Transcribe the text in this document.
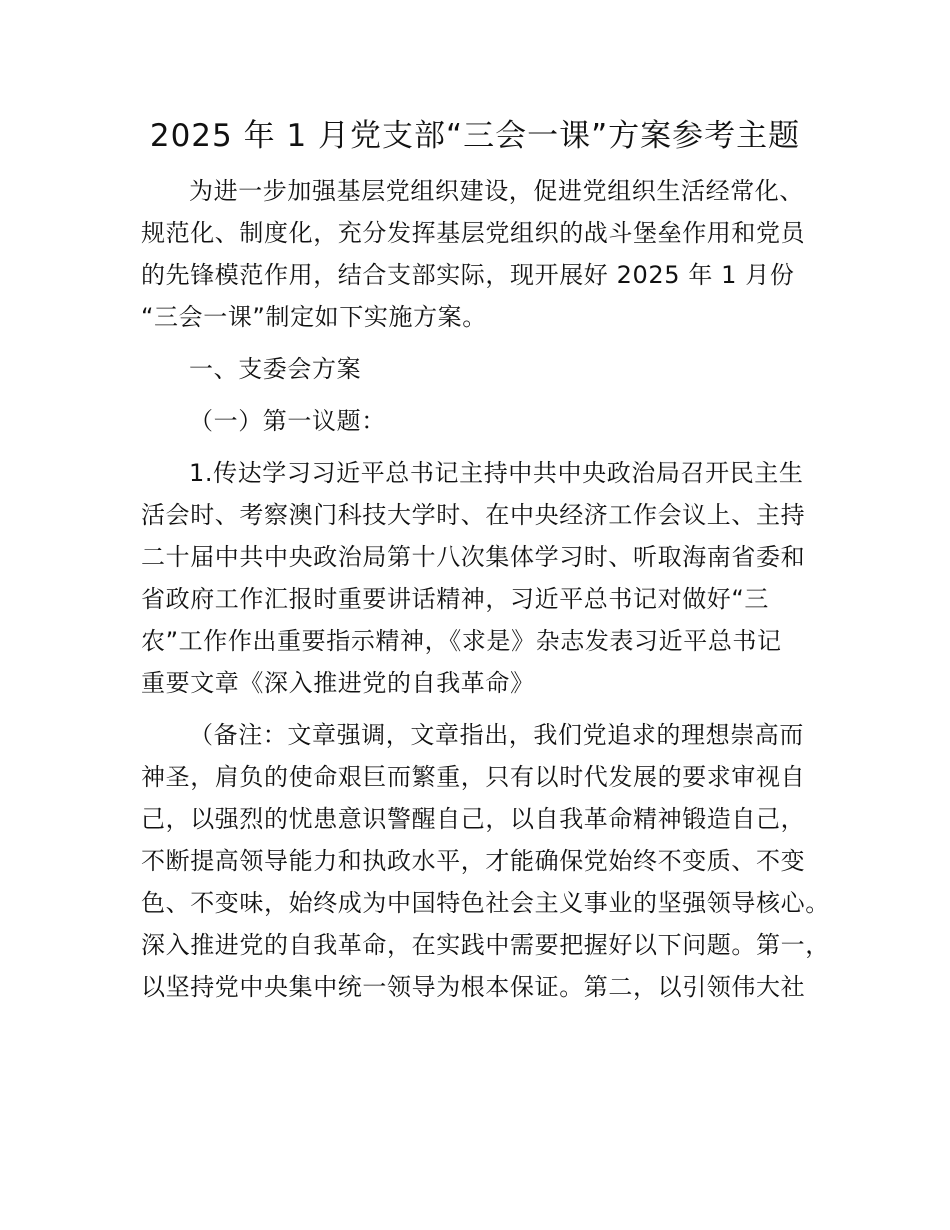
2025 年 1 月党支部“三会一课”方案参考主题
为进一步加强基层党组织建设，促进党组织生活经常化、
规范化、制度化，充分发挥基层党组织的战斗堡垒作用和党员
的先锋模范作用，结合支部实际，现开展好 2025 年 1 月份
“三会一课”制定如下实施方案。
一、支委会方案
（一）第一议题：
1.传达学习习近平总书记主持中共中央政治局召开民主生
活会时、考察澳门科技大学时、在中央经济工作会议上、主持
二十届中共中央政治局第十八次集体学习时、听取海南省委和
省政府工作汇报时重要讲话精神，习近平总书记对做好“三
农”工作作出重要指示精神，《求是》杂志发表习近平总书记
重要文章《深入推进党的自我革命》
（备注：文章强调，文章指出，我们党追求的理想崇高而
神圣，肩负的使命艰巨而繁重，只有以时代发展的要求审视自
己，以强烈的忧患意识警醒自己，以自我革命精神锻造自己，
不断提高领导能力和执政水平，才能确保党始终不变质、不变
色、不变味，始终成为中国特色社会主义事业的坚强领导核心。
深入推进党的自我革命，在实践中需要把握好以下问题。第一，
以坚持党中央集中统一领导为根本保证。第二，以引领伟大社
